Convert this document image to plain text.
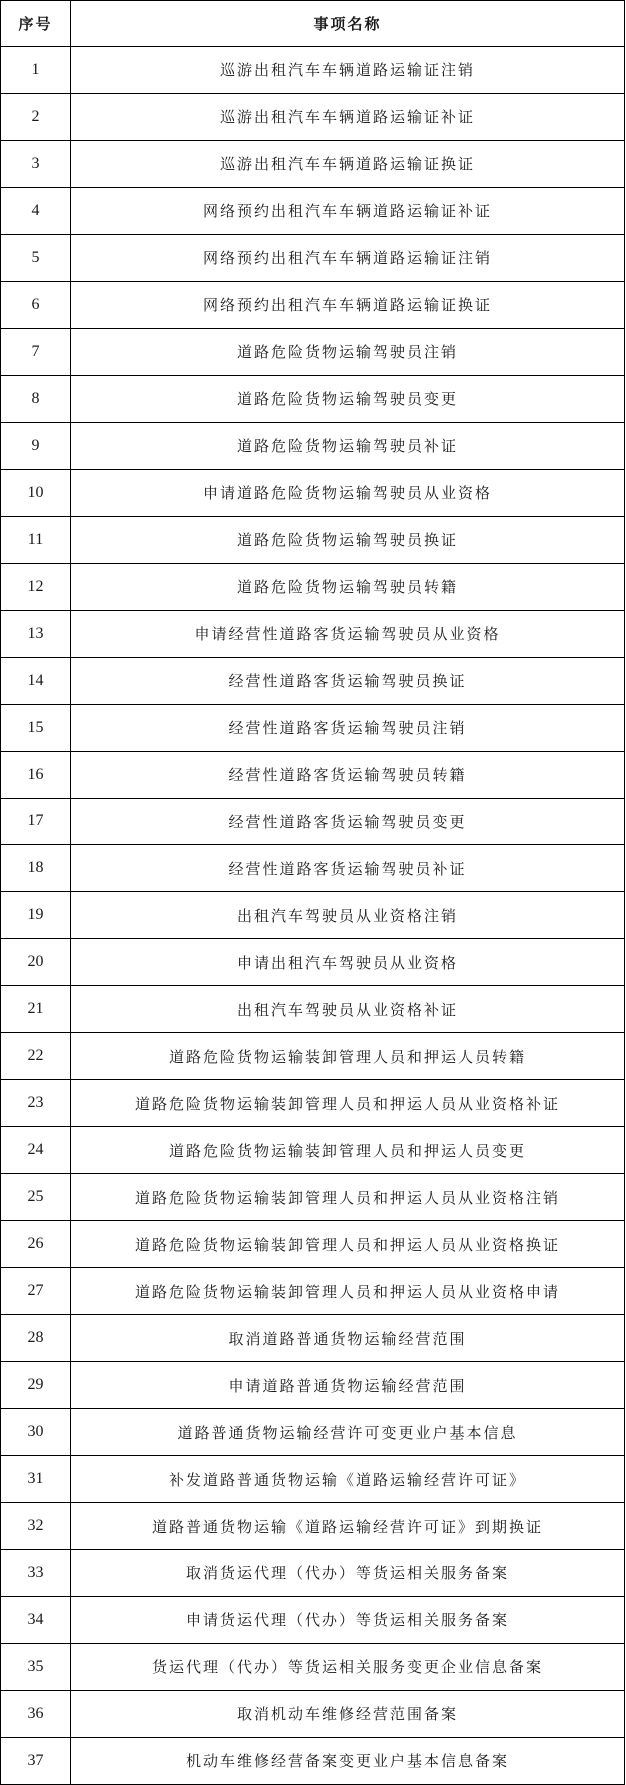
序号	事项名称
1	巡游出租汽车车辆道路运输证注销
2	巡游出租汽车车辆道路运输证补证
3	巡游出租汽车车辆道路运输证换证
4	网络预约出租汽车车辆道路运输证补证
5	网络预约出租汽车车辆道路运输证注销
6	网络预约出租汽车车辆道路运输证换证
7	道路危险货物运输驾驶员注销
8	道路危险货物运输驾驶员变更
9	道路危险货物运输驾驶员补证
10	申请道路危险货物运输驾驶员从业资格
11	道路危险货物运输驾驶员换证
12	道路危险货物运输驾驶员转籍
13	申请经营性道路客货运输驾驶员从业资格
14	经营性道路客货运输驾驶员换证
15	经营性道路客货运输驾驶员注销
16	经营性道路客货运输驾驶员转籍
17	经营性道路客货运输驾驶员变更
18	经营性道路客货运输驾驶员补证
19	出租汽车驾驶员从业资格注销
20	申请出租汽车驾驶员从业资格
21	出租汽车驾驶员从业资格补证
22	道路危险货物运输装卸管理人员和押运人员转籍
23	道路危险货物运输装卸管理人员和押运人员从业资格补证
24	道路危险货物运输装卸管理人员和押运人员变更
25	道路危险货物运输装卸管理人员和押运人员从业资格注销
26	道路危险货物运输装卸管理人员和押运人员从业资格换证
27	道路危险货物运输装卸管理人员和押运人员从业资格申请
28	取消道路普通货物运输经营范围
29	申请道路普通货物运输经营范围
30	道路普通货物运输经营许可变更业户基本信息
31	补发道路普通货物运输《道路运输经营许可证》
32	道路普通货物运输《道路运输经营许可证》到期换证
33	取消货运代理（代办）等货运相关服务备案
34	申请货运代理（代办）等货运相关服务备案
35	货运代理（代办）等货运相关服务变更企业信息备案
36	取消机动车维修经营范围备案
37	机动车维修经营备案变更业户基本信息备案
